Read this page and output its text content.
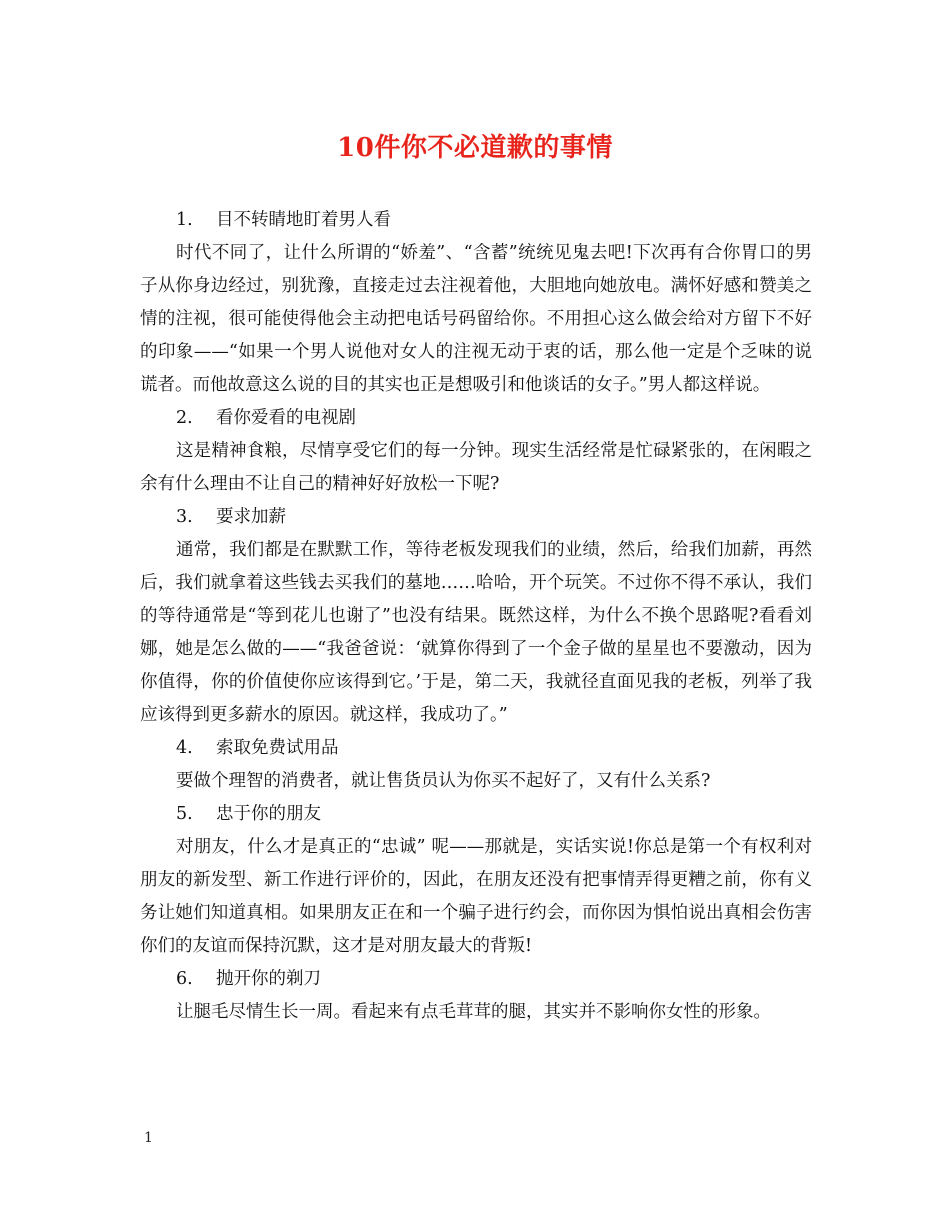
10件你不必道歉的事情

1. 目不转睛地盯着男人看

时代不同了，让什么所谓的“娇羞”、“含蓄”统统见鬼去吧!下次再有合你胃口的男子从你身边经过，别犹豫，直接走过去注视着他，大胆地向她放电。满怀好感和赞美之情的注视，很可能使得他会主动把电话号码留给你。不用担心这么做会给对方留下不好的印象——“如果一个男人说他对女人的注视无动于衷的话，那么他一定是个乏味的说谎者。而他故意这么说的目的其实也正是想吸引和他谈话的女子。”男人都这样说。

2. 看你爱看的电视剧

这是精神食粮，尽情享受它们的每一分钟。现实生活经常是忙碌紧张的，在闲暇之余有什么理由不让自己的精神好好放松一下呢?

3. 要求加薪

通常，我们都是在默默工作，等待老板发现我们的业绩，然后，给我们加薪，再然后，我们就拿着这些钱去买我们的墓地……哈哈，开个玩笑。不过你不得不承认，我们的等待通常是“等到花儿也谢了”也没有结果。既然这样，为什么不换个思路呢?看看刘娜，她是怎么做的——“我爸爸说：‘就算你得到了一个金子做的星星也不要激动，因为你值得，你的价值使你应该得到它。’于是，第二天，我就径直面见我的老板，列举了我应该得到更多薪水的原因。就这样，我成功了。”

4. 索取免费试用品

要做个理智的消费者，就让售货员认为你买不起好了，又有什么关系?

5. 忠于你的朋友

对朋友，什么才是真正的“忠诚” 呢——那就是，实话实说!你总是第一个有权利对朋友的新发型、新工作进行评价的，因此，在朋友还没有把事情弄得更糟之前，你有义务让她们知道真相。如果朋友正在和一个骗子进行约会，而你因为惧怕说出真相会伤害你们的友谊而保持沉默，这才是对朋友最大的背叛!

6. 抛开你的剃刀

让腿毛尽情生长一周。看起来有点毛茸茸的腿，其实并不影响你女性的形象。

1
